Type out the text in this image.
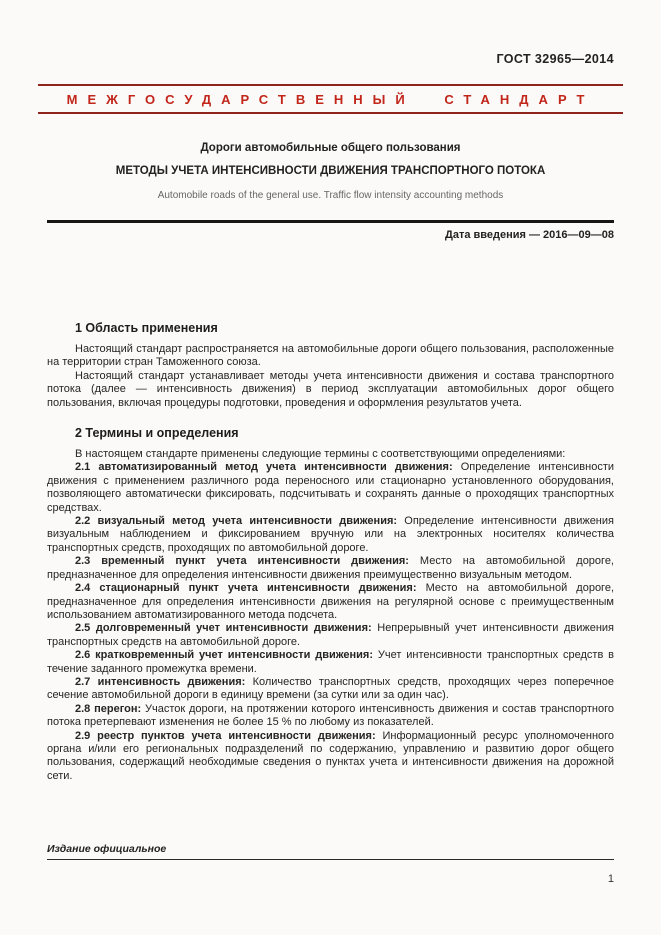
ГОСТ 32965—2014
МЕЖГОСУДАРСТВЕННЫЙ СТАНДАРТ
Дороги автомобильные общего пользования
МЕТОДЫ УЧЕТА ИНТЕНСИВНОСТИ ДВИЖЕНИЯ ТРАНСПОРТНОГО ПОТОКА
Automobile roads of the general use. Traffic flow intensity accounting methods
Дата введения — 2016—09—08
1 Область применения

Настоящий стандарт распространяется на автомобильные дороги общего пользования, расположенные на территории стран Таможенного союза.

Настоящий стандарт устанавливает методы учета интенсивности движения и состава транспортного потока (далее — интенсивность движения) в период эксплуатации автомобильных дорог общего пользования, включая процедуры подготовки, проведения и оформления результатов учета.

2 Термины и определения

В настоящем стандарте применены следующие термины с соответствующими определениями:

2.1 автоматизированный метод учета интенсивности движения: Определение интенсивности движения с применением различного рода переносного или стационарно установленного оборудования, позволяющего автоматически фиксировать, подсчитывать и сохранять данные о проходящих транспортных средствах.

2.2 визуальный метод учета интенсивности движения: Определение интенсивности движения визуальным наблюдением и фиксированием вручную или на электронных носителях количества транспортных средств, проходящих по автомобильной дороге.

2.3 временный пункт учета интенсивности движения: Место на автомобильной дороге, предназначенное для определения интенсивности движения преимущественно визуальным методом.

2.4 стационарный пункт учета интенсивности движения: Место на автомобильной дороге, предназначенное для определения интенсивности движения на регулярной основе с преимущественным использованием автоматизированного метода подсчета.

2.5 долговременный учет интенсивности движения: Непрерывный учет интенсивности движения транспортных средств на автомобильной дороге.

2.6 кратковременный учет интенсивности движения: Учет интенсивности транспортных средств в течение заданного промежутка времени.

2.7 интенсивность движения: Количество транспортных средств, проходящих через поперечное сечение автомобильной дороги в единицу времени (за сутки или за один час).

2.8 перегон: Участок дороги, на протяжении которого интенсивность движения и состав транспортного потока претерпевают изменения не более 15 % по любому из показателей.

2.9 реестр пунктов учета интенсивности движения: Информационный ресурс уполномоченного органа и/или его региональных подразделений по содержанию, управлению и развитию дорог общего пользования, содержащий необходимые сведения о пунктах учета и интенсивности движения на дорожной сети.

Издание официальное
1
